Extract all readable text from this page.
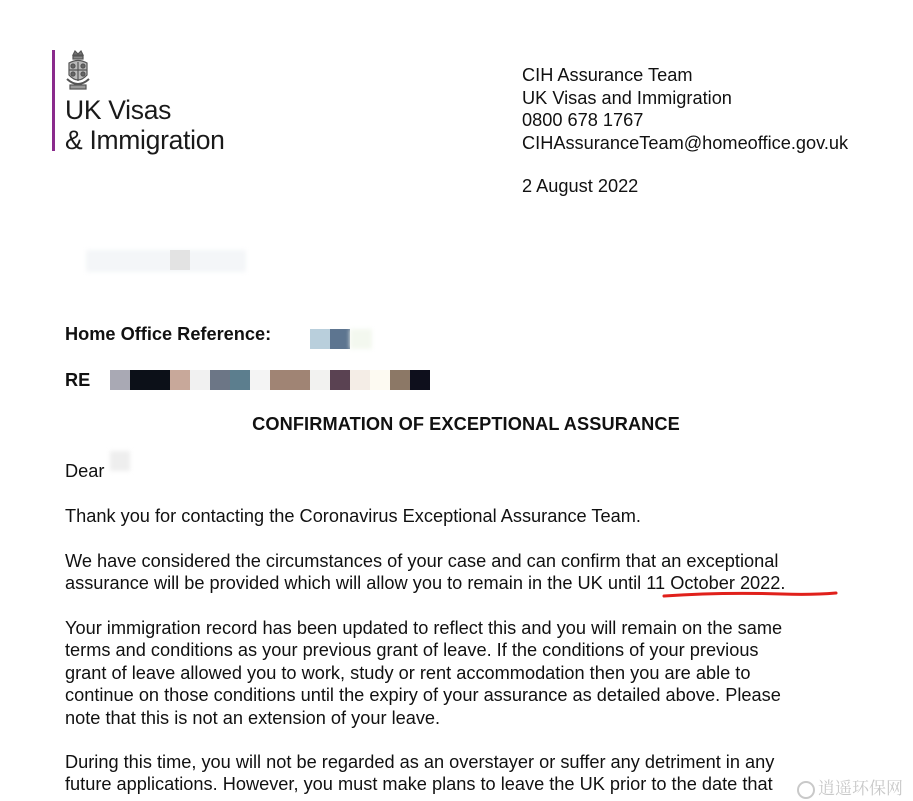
UK Visas
& Immigration
CIH Assurance Team
UK Visas and Immigration
0800 678 1767
CIHAssuranceTeam@homeoffice.gov.uk
2 August 2022
Home Office Reference:
RE
CONFIRMATION OF EXCEPTIONAL ASSURANCE
Dear
Thank you for contacting the Coronavirus Exceptional Assurance Team.
We have considered the circumstances of your case and can confirm that an exceptional
assurance will be provided which will allow you to remain in the UK until 11 October 2022.
Your immigration record has been updated to reflect this and you will remain on the same
terms and conditions as your previous grant of leave. If the conditions of your previous
grant of leave allowed you to work, study or rent accommodation then you are able to
continue on those conditions until the expiry of your assurance as detailed above. Please
note that this is not an extension of your leave.
During this time, you will not be regarded as an overstayer or suffer any detriment in any
future applications. However, you must make plans to leave the UK prior to the date that	逍遥环保网
